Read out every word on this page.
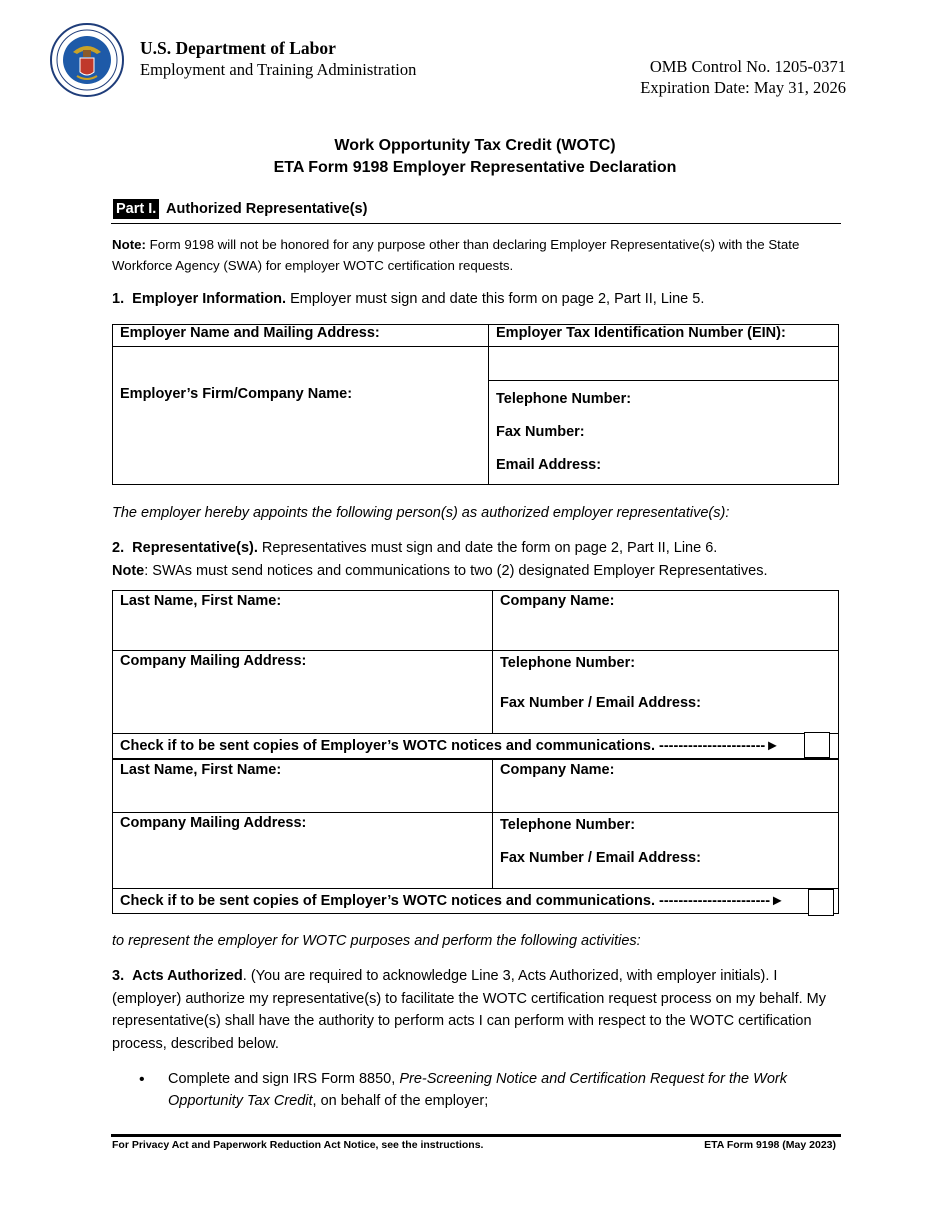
U.S. Department of Labor
Employment and Training Administration	OMB Control No. 1205-0371
Expiration Date: May 31, 2026
Work Opportunity Tax Credit (WOTC)
ETA Form 9198 Employer Representative Declaration
Part I. Authorized Representative(s)
Note: Form 9198 will not be honored for any purpose other than declaring Employer Representative(s) with the State Workforce Agency (SWA) for employer WOTC certification requests.
1. Employer Information. Employer must sign and date this form on page 2, Part II, Line 5.
Employer Name and Mailing Address:	Employer Tax Identification Number (EIN):
Employer’s Firm/Company Name:	

	Telephone Number:
Fax Number:
Email Address:
The employer hereby appoints the following person(s) as authorized employer representative(s):
2. Representative(s). Representatives must sign and date the form on page 2, Part II, Line 6.
Note: SWAs must send notices and communications to two (2) designated Employer Representatives.
Last Name, First Name:	Company Name:
Company Mailing Address:	Telephone Number:
Fax Number / Email Address:

Check if to be sent copies of Employer’s WOTC notices and communications. ----------------------►	
Last Name, First Name:	Company Name:
Company Mailing Address:	Telephone Number:
Fax Number / Email Address:

Check if to be sent copies of Employer’s WOTC notices and communications. -----------------------►	
to represent the employer for WOTC purposes and perform the following activities:
3. Acts Authorized. (You are required to acknowledge Line 3, Acts Authorized, with employer initials). I (employer) authorize my representative(s) to facilitate the WOTC certification request process on my behalf. My representative(s) shall have the authority to perform acts I can perform with respect to the WOTC certification process, described below.
• Complete and sign IRS Form 8850, Pre-Screening Notice and Certification Request for the Work Opportunity Tax Credit, on behalf of the employer;
For Privacy Act and Paperwork Reduction Act Notice, see the instructions.	ETA Form 9198 (May 2023)
